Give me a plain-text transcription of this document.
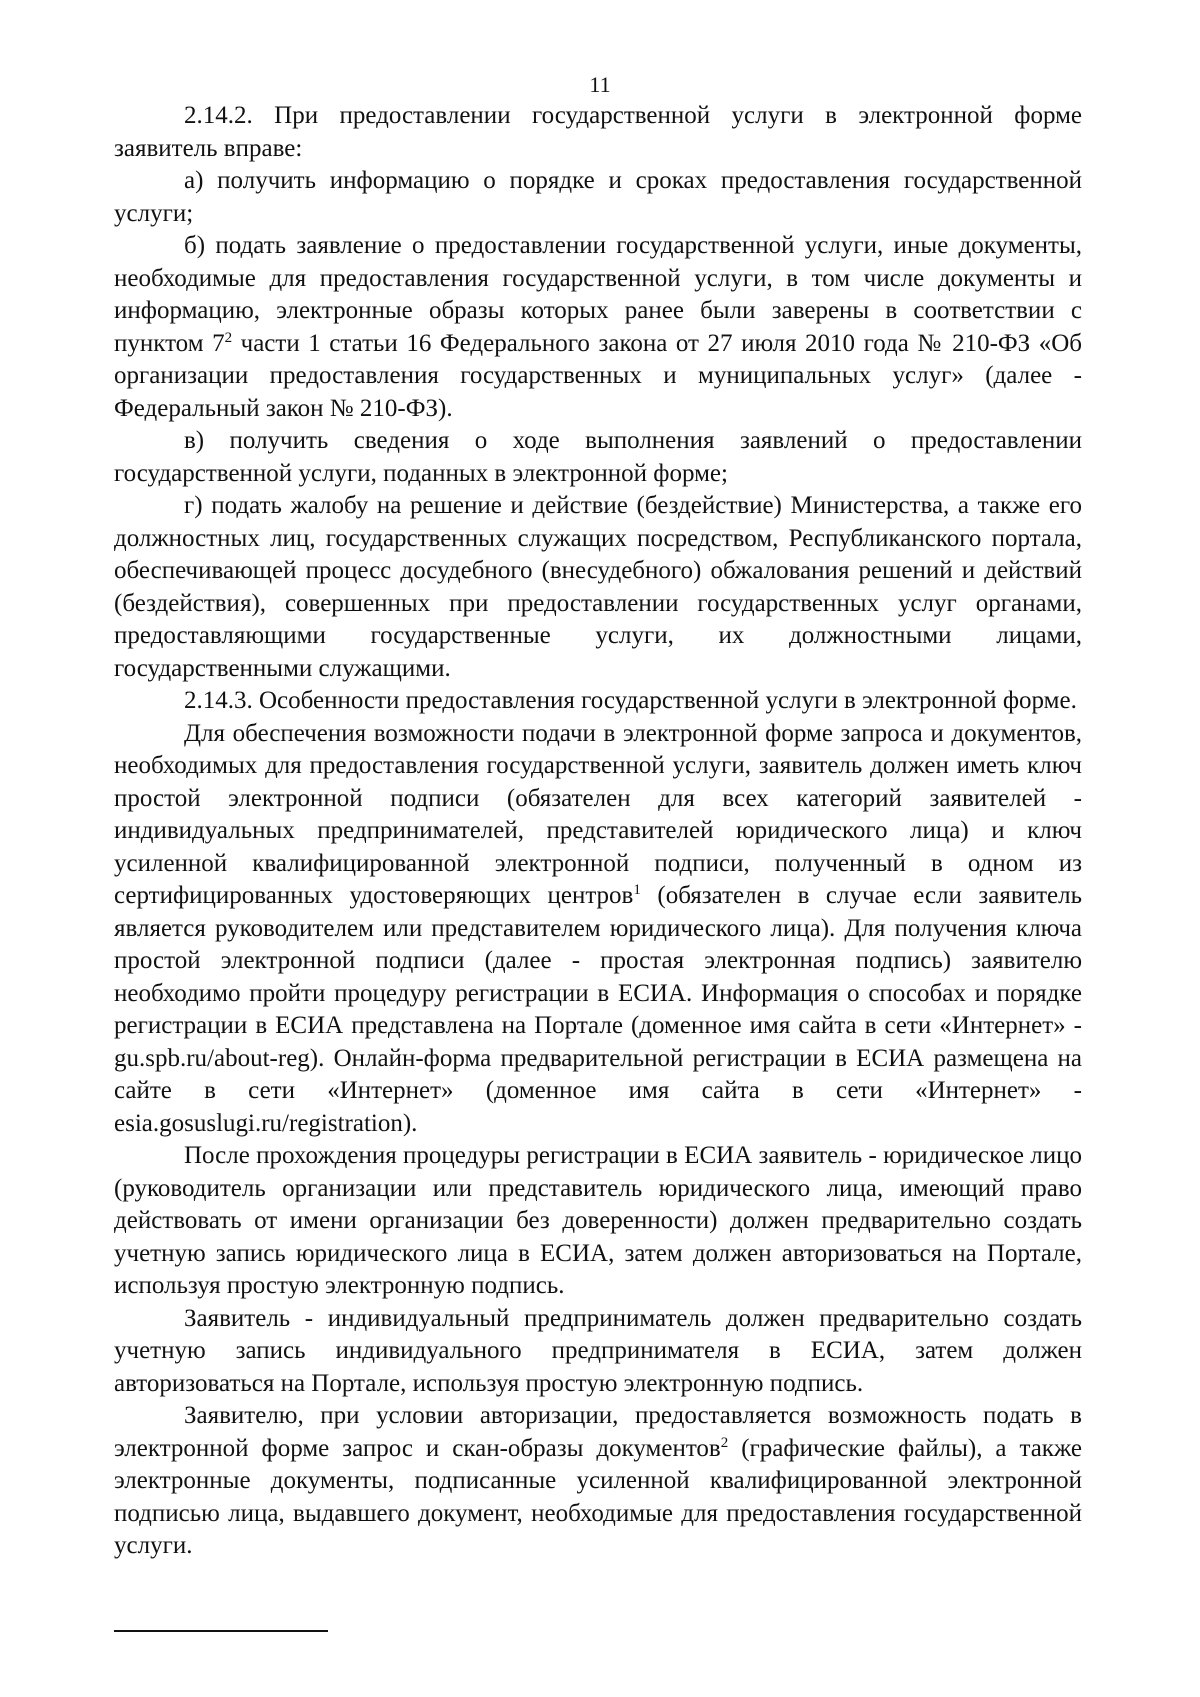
11

2.14.2. При предоставлении государственной услуги в электронной форме заявитель вправе:

а) получить информацию о порядке и сроках предоставления государственной услуги;

б) подать заявление о предоставлении государственной услуги, иные документы, необходимые для предоставления государственной услуги, в том числе документы и информацию, электронные образы которых ранее были заверены в соответствии с пунктом $7^2$ части 1 статьи 16 Федерального закона от 27 июля 2010 года № 210-ФЗ «Об организации предоставления государственных и муниципальных услуг» (далее - Федеральный закон № 210-ФЗ).

в) получить сведения о ходе выполнения заявлений о предоставлении государственной услуги, поданных в электронной форме;

г) подать жалобу на решение и действие (бездействие) Министерства, а также его должностных лиц, государственных служащих посредством, Республиканского портала, обеспечивающей процесс досудебного (внесудебного) обжалования решений и действий (бездействия), совершенных при предоставлении государственных услуг органами, предоставляющими государственные услуги, их должностными лицами, государственными служащими.

2.14.3. Особенности предоставления государственной услуги в электронной форме.

Для обеспечения возможности подачи в электронной форме запроса и документов, необходимых для предоставления государственной услуги, заявитель должен иметь ключ простой электронной подписи (обязателен для всех категорий заявителей - индивидуальных предпринимателей, представителей юридического лица) и ключ усиленной квалифицированной электронной подписи, полученный в одном из сертифицированных удостоверяющих центров$^1$ (обязателен в случае если заявитель является руководителем или представителем юридического лица). Для получения ключа простой электронной подписи (далее - простая электронная подпись) заявителю необходимо пройти процедуру регистрации в ЕСИА. Информация о способах и порядке регистрации в ЕСИА представлена на Портале (доменное имя сайта в сети «Интернет» - gu.spb.ru/about-reg). Онлайн-форма предварительной регистрации в ЕСИА размещена на сайте в сети «Интернет» (доменное имя сайта в сети «Интернет» - esia.gosuslugi.ru/registration).

После прохождения процедуры регистрации в ЕСИА заявитель - юридическое лицо (руководитель организации или представитель юридического лица, имеющий право действовать от имени организации без доверенности) должен предварительно создать учетную запись юридического лица в ЕСИА, затем должен авторизоваться на Портале, используя простую электронную подпись.

Заявитель - индивидуальный предприниматель должен предварительно создать учетную запись индивидуального предпринимателя в ЕСИА, затем должен авторизоваться на Портале, используя простую электронную подпись.

Заявителю, при условии авторизации, предоставляется возможность подать в электронной форме запрос и скан-образы документов$^2$ (графические файлы), а также электронные документы, подписанные усиленной квалифицированной электронной подписью лица, выдавшего документ, необходимые для предоставления государственной услуги.
